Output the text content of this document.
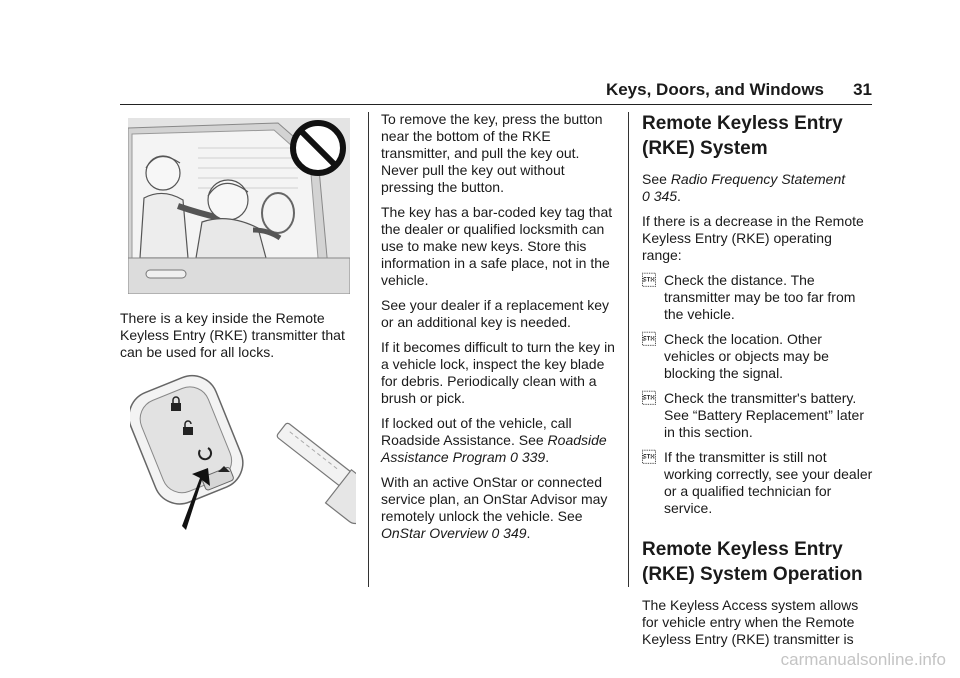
Keys, Doors, and Windows 31

There is a key inside the Remote Keyless Entry (RKE) transmitter that can be used for all locks.

To remove the key, press the button near the bottom of the RKE transmitter, and pull the key out. Never pull the key out without pressing the button.

The key has a bar-coded key tag that the dealer or qualified locksmith can use to make new keys. Store this information in a safe place, not in the vehicle.

See your dealer if a replacement key or an additional key is needed.

If it becomes difficult to turn the key in a vehicle lock, inspect the key blade for debris. Periodically clean with a brush or pick.

If locked out of the vehicle, call Roadside Assistance. See Roadside Assistance Program 0 339.

With an active OnStar or connected service plan, an OnStar Advisor may remotely unlock the vehicle. See OnStar Overview 0 349.

Remote Keyless Entry (RKE) System

See Radio Frequency Statement
0 345.

If there is a decrease in the Remote Keyless Entry (RKE) operating range:

 Check the distance. The transmitter may be too far from the vehicle.
 Check the location. Other vehicles or objects may be blocking the signal.
 Check the transmitter's battery. See “Battery Replacement” later in this section.
 If the transmitter is still not working correctly, see your dealer or a qualified technician for service.
Remote Keyless Entry (RKE) System Operation

The Keyless Access system allows for vehicle entry when the Remote Keyless Entry (RKE) transmitter is

carmanualsonline.info
